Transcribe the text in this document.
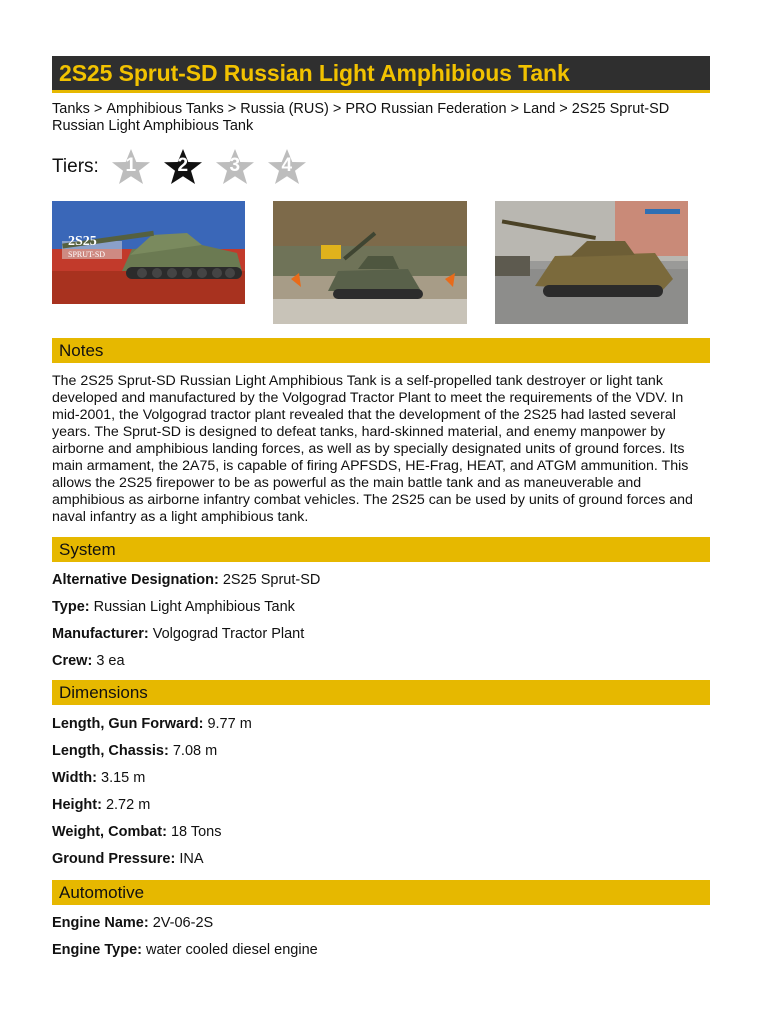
2S25 Sprut-SD Russian Light Amphibious Tank
Tanks > Amphibious Tanks > Russia (RUS) > PRO Russian Federation > Land > 2S25 Sprut-SD Russian Light Amphibious Tank
Tiers:	1	2	3	4
2S25
SPRUT-SD
Notes

The 2S25 Sprut-SD Russian Light Amphibious Tank is a self-propelled tank destroyer or light tank developed and manufactured by the Volgograd Tractor Plant to meet the requirements of the VDV. In mid-2001, the Volgograd tractor plant revealed that the development of the 2S25 had lasted several years. The Sprut-SD is designed to defeat tanks, hard-skinned material, and enemy manpower by airborne and amphibious landing forces, as well as by specially designated units of ground forces. Its main armament, the 2A75, is capable of firing APFSDS, HE-Frag, HEAT, and ATGM ammunition. This allows the 2S25 firepower to be as powerful as the main battle tank and as maneuverable and amphibious as airborne infantry combat vehicles. The 2S25 can be used by units of ground forces and naval infantry as a light amphibious tank.

System
Alternative Designation: 2S25 Sprut-SD
Type: Russian Light Amphibious Tank
Manufacturer: Volgograd Tractor Plant
Crew: 3 ea
Dimensions
Length, Gun Forward: 9.77 m
Length, Chassis: 7.08 m
Width: 3.15 m
Height: 2.72 m
Weight, Combat: 18 Tons
Ground Pressure: INA
Automotive
Engine Name: 2V-06-2S
Engine Type: water cooled diesel engine
